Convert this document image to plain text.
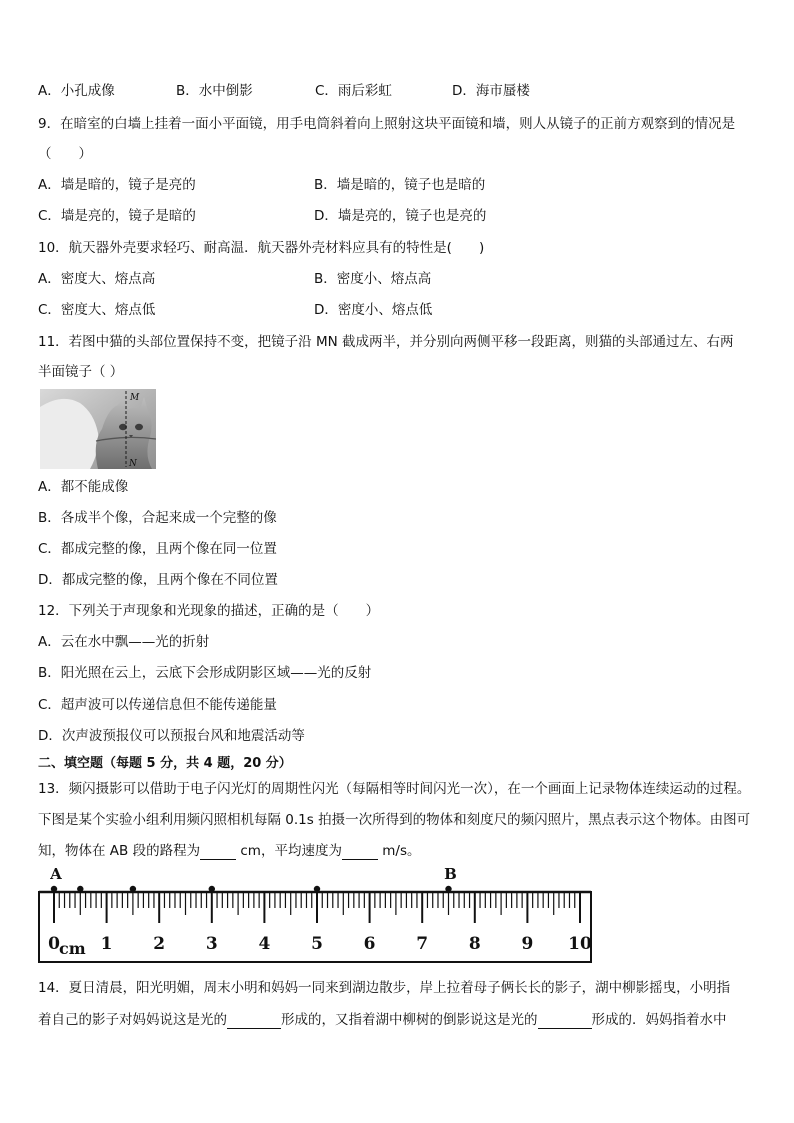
A．小孔成像	B．水中倒影	C．雨后彩虹	D．海市蜃楼
9．在暗室的白墙上挂着一面小平面镜，用手电筒斜着向上照射这块平面镜和墙，则人从镜子的正前方观察到的情况是
（　　）
A．墙是暗的，镜子是亮的	B．墙是暗的，镜子也是暗的
C．墙是亮的，镜子是暗的	D．墙是亮的，镜子也是亮的
10．航天器外壳要求轻巧、耐高温．航天器外壳材料应具有的特性是(　　)
A．密度大、熔点高	B．密度小、熔点高
C．密度大、熔点低	D．密度小、熔点低
11．若图中猫的头部位置保持不变，把镜子沿 MN 截成两半，并分别向两侧平移一段距离，则猫的头部通过左、右两
半面镜子（ ）
M
N
A．都不能成像
B．各成半个像，合起来成一个完整的像
C．都成完整的像，且两个像在同一位置
D．都成完整的像，且两个像在不同位置
12．下列关于声现象和光现象的描述，正确的是（　　）
A．云在水中飘——光的折射
B．阳光照在云上，云底下会形成阴影区域——光的反射
C．超声波可以传递信息但不能传递能量
D．次声波预报仪可以预报台风和地震活动等
二、填空题（每题 5 分，共 4 题，20 分）
13．频闪摄影可以借助于电子闪光灯的周期性闪光（每隔相等时间闪光一次），在一个画面上记录物体连续运动的过程。
下图是某个实验小组利用频闪照相机每隔 0.1s 拍摄一次所得到的物体和刻度尺的频闪照片，黑点表示这个物体。由图可
知，物体在 AB 段的路程为	cm，平均速度为	m/s。
0 1 2 3 4 5 6 7 8 9 10
cm
A	B
14．夏日清晨，阳光明媚，周末小明和妈妈一同来到湖边散步，岸上拉着母子俩长长的影子，湖中柳影摇曳，小明指
着自己的影子对妈妈说这是光的	形成的，又指着湖中柳树的倒影说这是光的	形成的．妈妈指着水中
